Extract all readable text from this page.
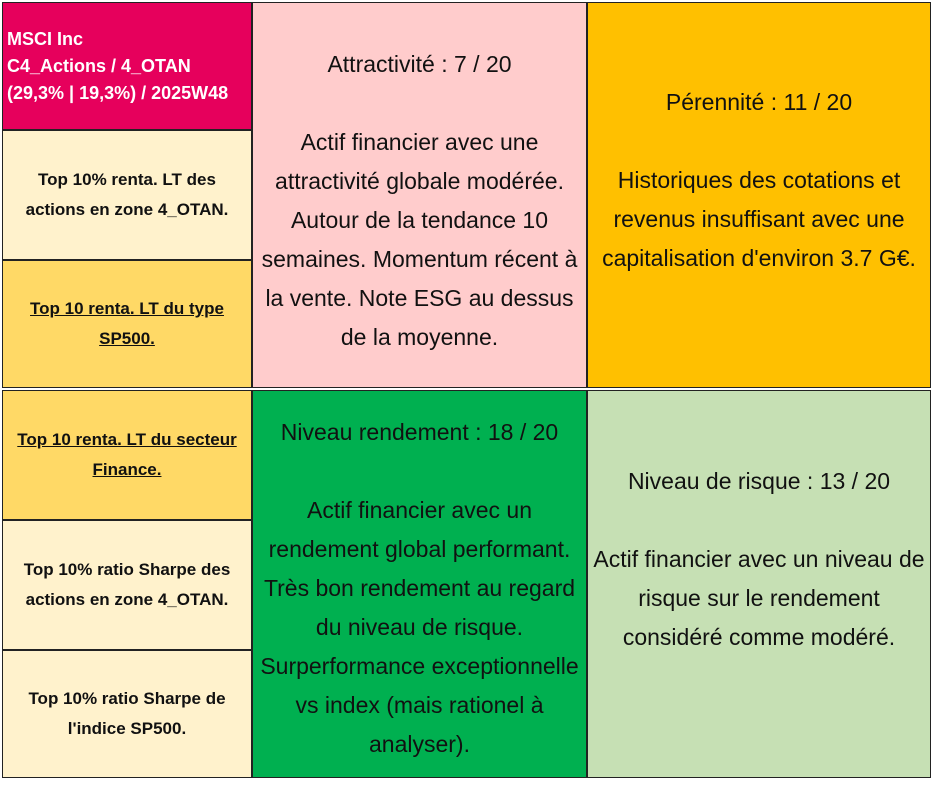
MSCI Inc
C4_Actions / 4_OTAN
(29,3% | 19,3%) / 2025W48
Top 10% renta. LT des
actions en zone 4_OTAN.
Top 10 renta. LT du type
SP500.
Top 10 renta. LT du secteur
Finance.
Top 10% ratio Sharpe des
actions en zone 4_OTAN.
Top 10% ratio Sharpe de
l'indice SP500.
Attractivité : 7 / 20
Actif financier avec une
attractivité globale modérée.
Autour de la tendance 10
semaines. Momentum récent à
la vente. Note ESG au dessus
de la moyenne.
Pérennité : 11 / 20
Historiques des cotations et
revenus insuffisant avec une
capitalisation d'environ 3.7 G€.
Niveau rendement : 18 / 20
Actif financier avec un
rendement global performant.
Très bon rendement au regard
du niveau de risque.
Surperformance exceptionnelle
vs index (mais rationel à
analyser).
Niveau de risque : 13 / 20
Actif financier avec un niveau de
risque sur le rendement
considéré comme modéré.
